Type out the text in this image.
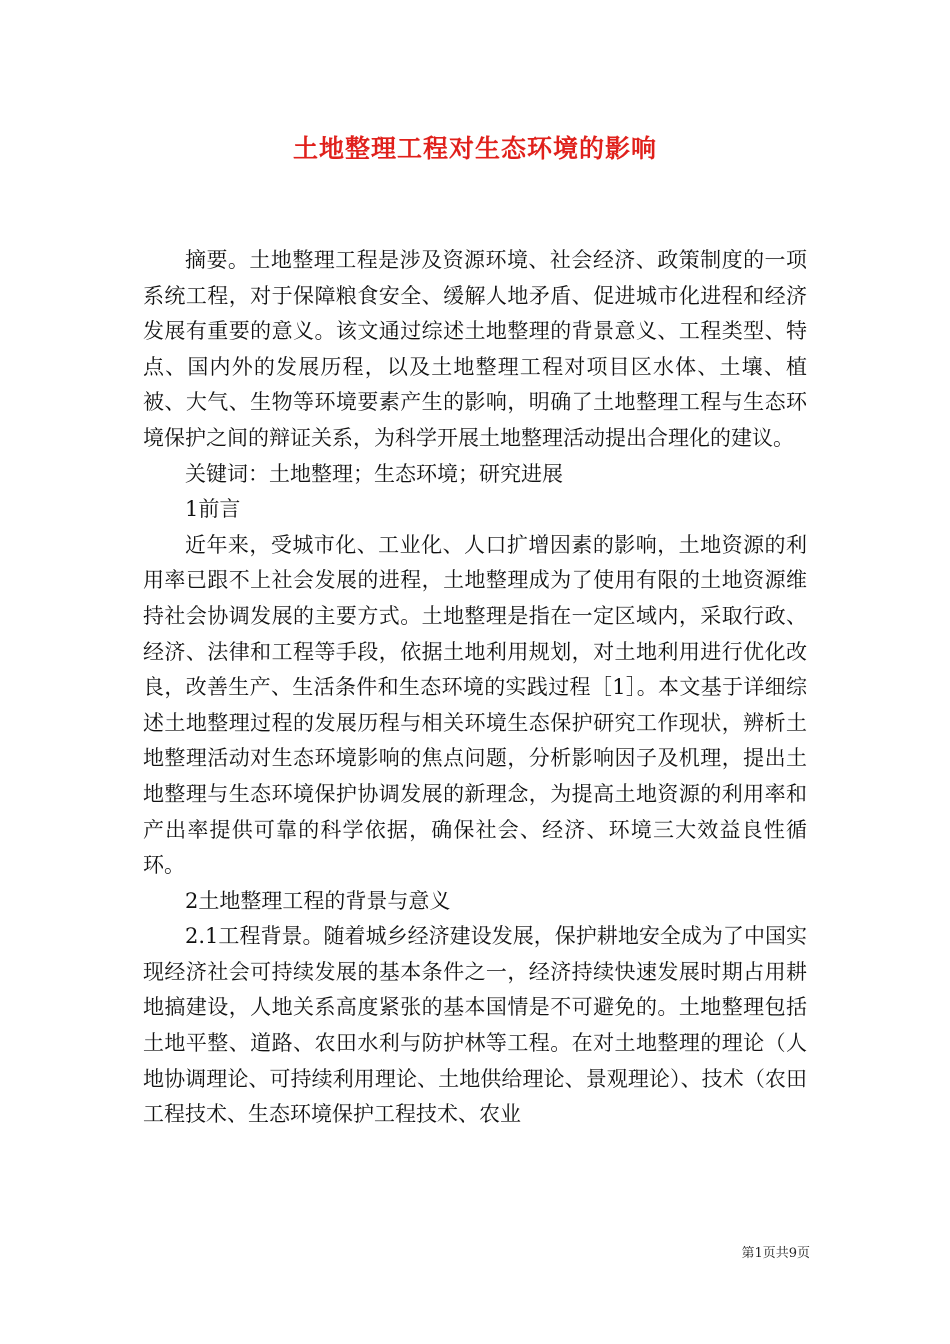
土地整理工程对生态环境的影响

摘要。土地整理工程是涉及资源环境、社会经济、政策制度的一项系统工程，对于保障粮食安全、缓解人地矛盾、促进城市化进程和经济发展有重要的意义。该文通过综述土地整理的背景意义、工程类型、特点、国内外的发展历程，以及土地整理工程对项目区水体、土壤、植被、大气、生物等环境要素产生的影响，明确了土地整理工程与生态环境保护之间的辩证关系，为科学开展土地整理活动提出合理化的建议。

关键词：土地整理；生态环境；研究进展

1前言

近年来，受城市化、工业化、人口扩增因素的影响，土地资源的利用率已跟不上社会发展的进程，土地整理成为了使用有限的土地资源维持社会协调发展的主要方式。土地整理是指在一定区域内，采取行政、经济、法律和工程等手段，依据土地利用规划，对土地利用进行优化改良，改善生产、生活条件和生态环境的实践过程［1］。本文基于详细综述土地整理过程的发展历程与相关环境生态保护研究工作现状，辨析土地整理活动对生态环境影响的焦点问题，分析影响因子及机理，提出土地整理与生态环境保护协调发展的新理念，为提高土地资源的利用率和产出率提供可靠的科学依据，确保社会、经济、环境三大效益良性循环。

2土地整理工程的背景与意义

2.1工程背景。随着城乡经济建设发展，保护耕地安全成为了中国实现经济社会可持续发展的基本条件之一，经济持续快速发展时期占用耕地搞建设，人地关系高度紧张的基本国情是不可避免的。土地整理包括土地平整、道路、农田水利与防护林等工程。在对土地整理的理论（人地协调理论、可持续利用理论、土地供给理论、景观理论）、技术（农田工程技术、生态环境保护工程技术、农业

第1页共9页
